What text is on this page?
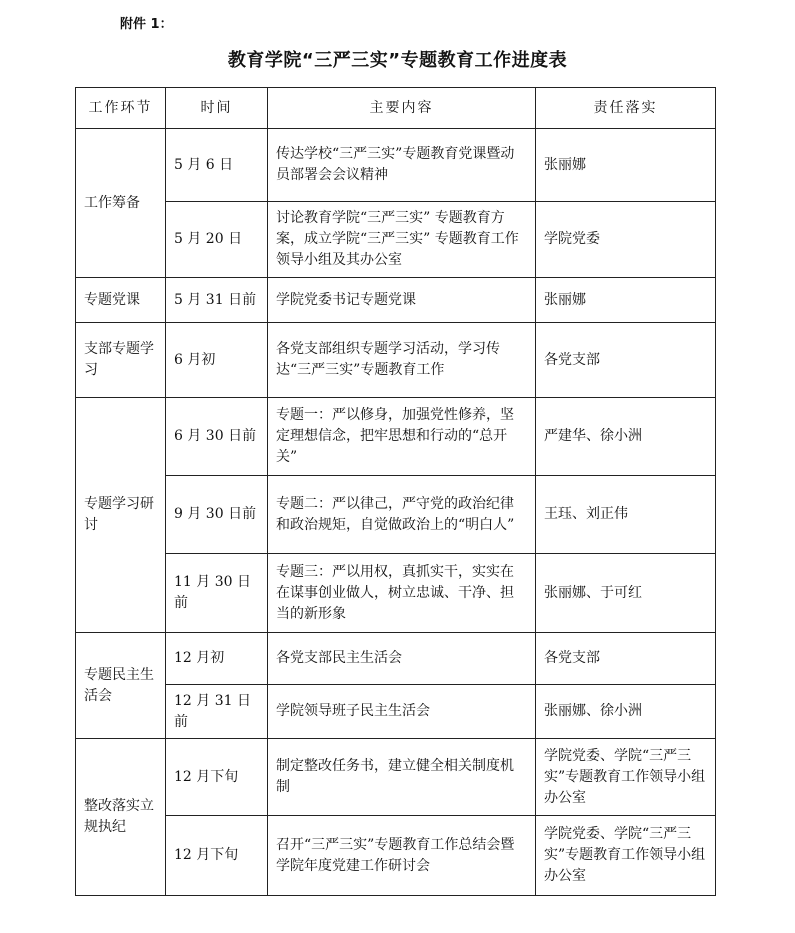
附件 1：
教育学院“三严三实”专题教育工作进度表
工作环节	时间	主要内容	责任落实
工作筹备	5 月 6 日	传达学校“三严三实”专题教育党课暨动员部署会会议精神	张丽娜
	5 月 20 日	讨论教育学院“三严三实” 专题教育方案，成立学院“三严三实” 专题教育工作领导小组及其办公室	学院党委
专题党课	5 月 31 日前	学院党委书记专题党课	张丽娜
支部专题学习	6 月初	各党支部组织专题学习活动，学习传达“三严三实”专题教育工作	各党支部
专题学习研讨	6 月 30 日前	专题一：严以修身，加强党性修养，坚定理想信念，把牢思想和行动的“总开关”	严建华、徐小洲
	9 月 30 日前	专题二：严以律己，严守党的政治纪律和政治规矩，自觉做政治上的“明白人”	王珏、刘正伟
	11 月 30 日前	专题三：严以用权，真抓实干，实实在在谋事创业做人，树立忠诚、干净、担当的新形象	张丽娜、于可红
专题民主生活会	12 月初	各党支部民主生活会	各党支部
	12 月 31 日前	学院领导班子民主生活会	张丽娜、徐小洲
整改落实立规执纪	12 月下旬	制定整改任务书，建立健全相关制度机制	学院党委、学院“三严三实”专题教育工作领导小组办公室
	12 月下旬	召开“三严三实”专题教育工作总结会暨学院年度党建工作研讨会	学院党委、学院“三严三实”专题教育工作领导小组办公室
